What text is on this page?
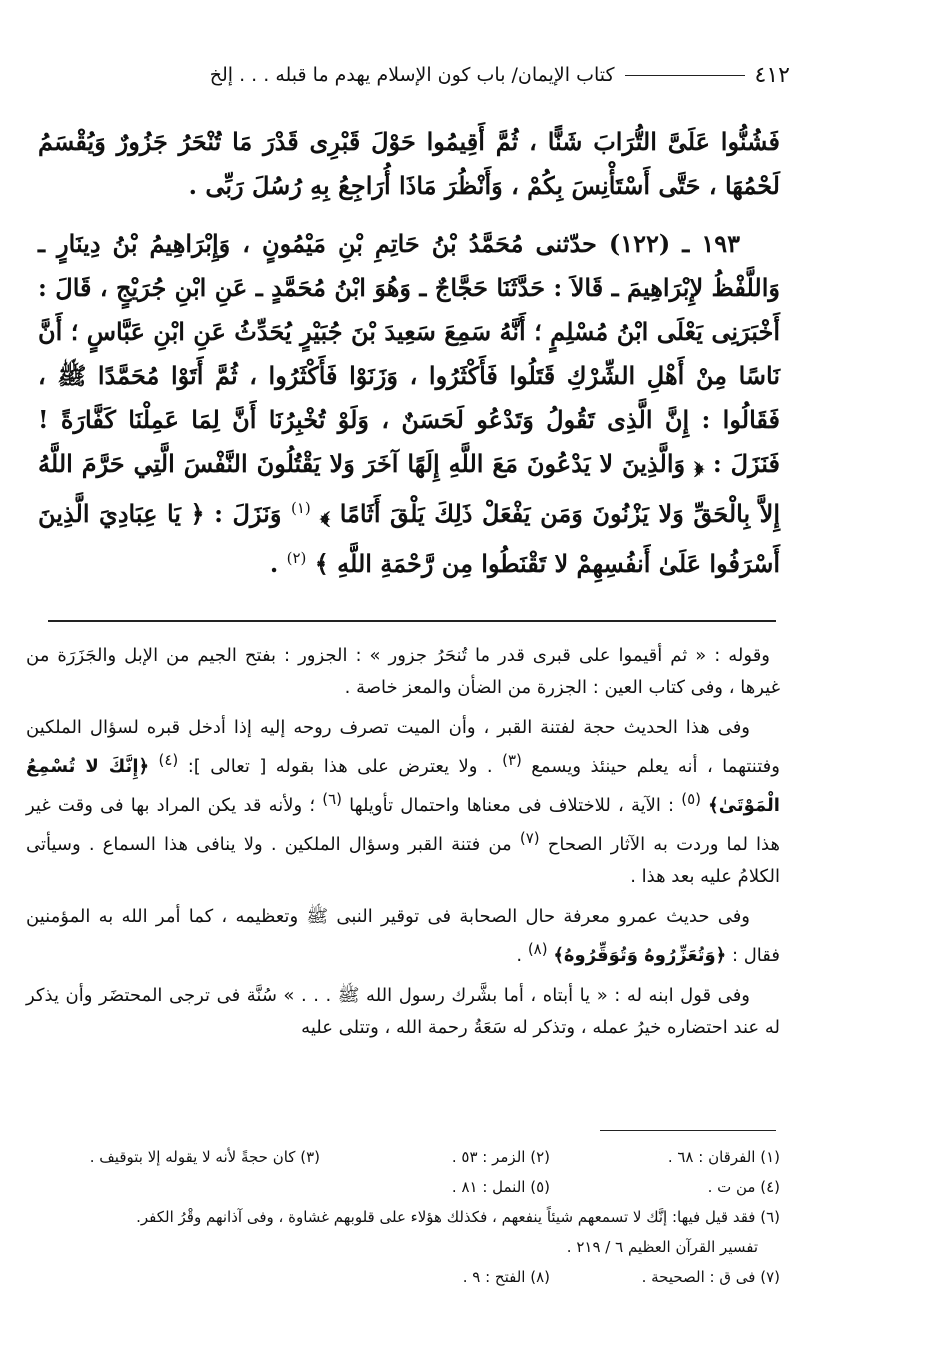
٤١٢
كتاب الإيمان/ باب كون الإسلام يهدم ما قبله . . . إلخ

فَشُنُّوا عَلَىَّ التُّرَابَ شَنًّا ، ثُمَّ أَقِيمُوا حَوْلَ قَبْرِى قَدْرَ مَا تُنْحَرُ جَزُورٌ وَيُقْسَمُ لَحْمُهَا ، حَتَّى أَسْتَأْنِسَ بِكُمْ ، وَأَنْظُرَ مَاذَا أُرَاجِعُ بِهِ رُسُلَ رَبِّى .

١٩٣ ـ (١٢٢) حدّثنى مُحَمَّدُ بْنُ حَاتِمِ بْنِ مَيْمُونٍ ، وَإِبْرَاهِيمُ بْنُ دِينَارٍ ـ وَاللَّفْظُ لإِبْرَاهِيمَ ـ قَالاَ : حَدَّثَنَا حَجَّاجٌ ـ وَهُوَ ابْنُ مُحَمَّدٍ ـ عَنِ ابْنِ جُرَيْجٍ ، قَالَ : أَخْبَرَنِى يَعْلَى ابْنُ مُسْلِمٍ ؛ أَنَّهُ سَمِعَ سَعِيدَ بْنَ جُبَيْرٍ يُحَدِّثُ عَنِ ابْنِ عَبَّاسٍ ؛ أَنَّ نَاسًا مِنْ أَهْلِ الشِّرْكِ قَتَلُوا فَأَكْثَرُوا ، وَزَنَوْا فَأَكْثَرُوا ، ثُمَّ أَتَوْا مُحَمَّدًا ﷺ ، فَقَالُوا : إِنَّ الَّذِى تَقُولُ وَتَدْعُو لَحَسَنٌ ، وَلَوْ تُخْبِرُنَا أَنَّ لِمَا عَمِلْنَا كَفَّارَةً ! فَنَزَلَ : ﴿ وَالَّذِينَ لا يَدْعُونَ مَعَ اللَّهِ إِلَهًا آخَرَ وَلا يَقْتُلُونَ النَّفْسَ الَّتِي حَرَّمَ اللَّهُ إِلاَّ بِالْحَقِّ وَلا يَزْنُونَ وَمَن يَفْعَلْ ذَلِكَ يَلْقَ أَثَامًا ﴾ $^{(١)}$ وَنَزَلَ : ﴿ يَا عِبَادِيَ الَّذِينَ أَسْرَفُوا عَلَىٰ أَنفُسِهِمْ لا تَقْنَطُوا مِن رَّحْمَةِ اللَّهِ ﴾ $^{(٢)}$ .

وقوله : « ثم أقيموا على قبرى قدر ما تُنحَرُ جزور » : الجزور : بفتح الجيم من الإبل والجَزَرَة من غيرها ، وفى كتاب العين : الجزرة من الضأن والمعز خاصة .

وفى هذا الحديث حجة لفتنة القبر ، وأن الميت تصرف روحه إليه إذا أدخل قبره لسؤال الملكين وفتنتهما ، أنه يعلم حينئذ ويسمع $^{(٣)}$ . ولا يعترض على هذا بقوله [ تعالى ]: $^{(٤)}$ ﴿إِنَّكَ لا تُسْمِعُ الْمَوْتَىٰ﴾ $^{(٥)}$ : الآية ، للاختلاف فى معناها واحتمال تأويلها $^{(٦)}$ ؛ ولأنه قد يكن المراد بها فى وقت غير هذا لما وردت به الآثار الصحاح $^{(٧)}$ من فتنة القبر وسؤال الملكين . ولا ينافى هذا السماع . وسيأتى الكلامُ عليه بعد هذا .

وفى حديث عمرو معرفة حال الصحابة فى توقير النبى ﷺ وتعظيمه ، كما أمر الله به المؤمنين فقال : ﴿وَتُعَزِّرُوهُ وَتُوَقِّرُوهُ﴾ $^{(٨)}$ .

وفى قول ابنه له : « يا أبتاه ، أما بشَّرك رسول الله ﷺ . . . » سُنَّة فى ترجى المحتضَر وأن يذكر له عند احتضاره خيرُ عمله ، وتذكر له سَعَةُ رحمة الله ، وتتلى عليه

(١) الفرقان : ٦٨ .
(٢) الزمر : ٥٣ .
(٣) كان حجةً لأنه لا يقوله إلا بتوقيف .
(٤) من ت .
(٥) النمل : ٨١ .
(٦) فقد قيل فيها: إنَّك لا تسمعهم شيئاً ينفعهم ، فكذلك هؤلاء على قلوبهم غشاوة ، وفى آذانهم وقْرُ الكفر.
تفسير القرآن العظيم ٦ / ٢١٩ .
(٧) فى ق : الصحيحة .
(٨) الفتح : ٩ .
